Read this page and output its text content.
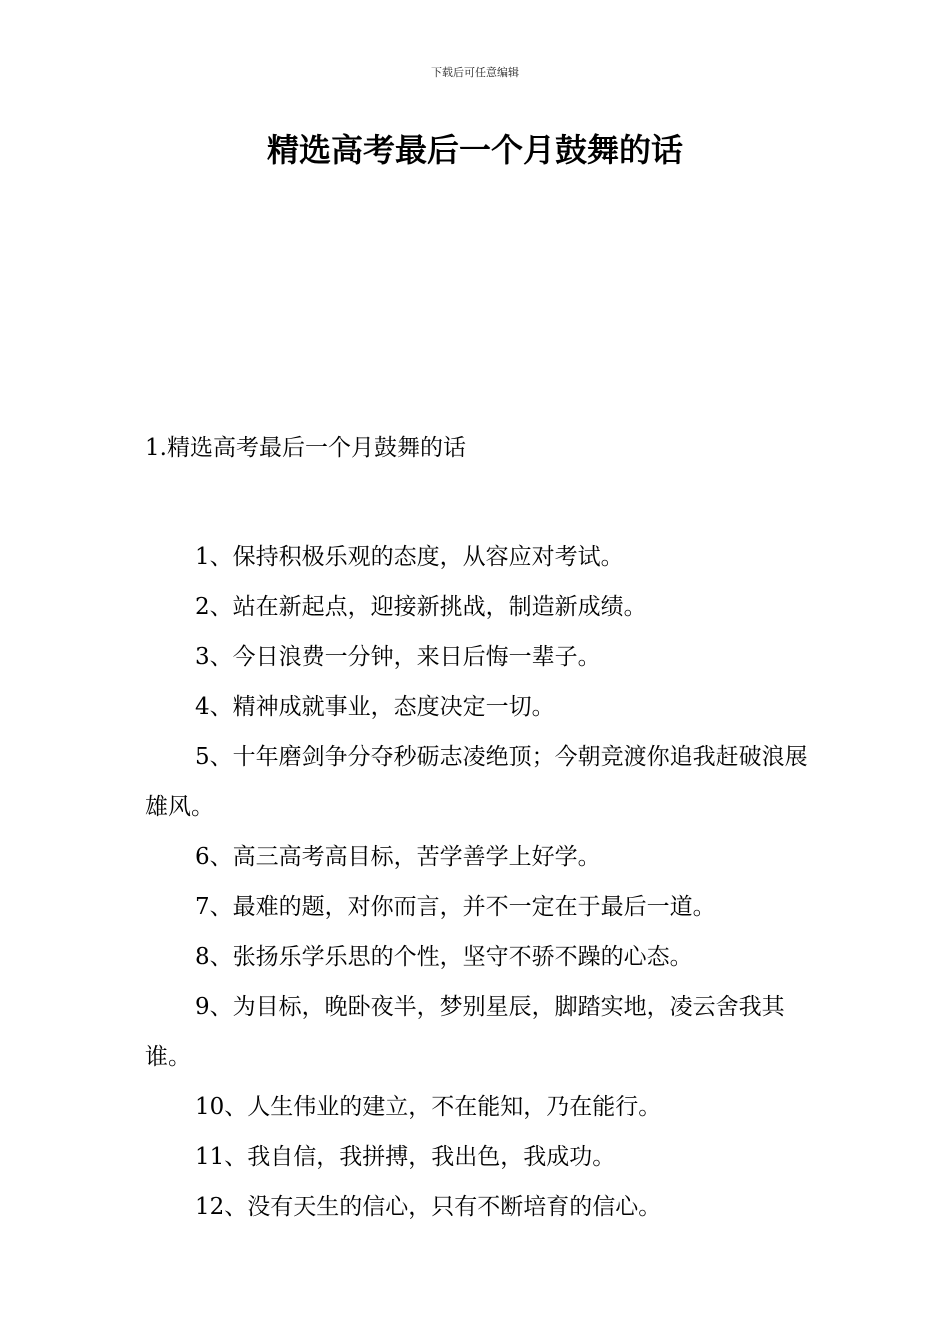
下载后可任意编辑
精选高考最后一个月鼓舞的话
1.精选高考最后一个月鼓舞的话
1、保持积极乐观的态度，从容应对考试。
2、站在新起点，迎接新挑战，制造新成绩。
3、今日浪费一分钟，来日后悔一辈子。
4、精神成就事业，态度决定一切。
5、十年磨剑争分夺秒砺志凌绝顶；今朝竞渡你追我赶破浪展雄风。
6、高三高考高目标，苦学善学上好学。
7、最难的题，对你而言，并不一定在于最后一道。
8、张扬乐学乐思的个性，坚守不骄不躁的心态。
9、为目标，晚卧夜半，梦别星辰，脚踏实地，凌云舍我其谁。
10、人生伟业的建立，不在能知，乃在能行。
11、我自信，我拼搏，我出色，我成功。
12、没有天生的信心，只有不断培育的信心。
